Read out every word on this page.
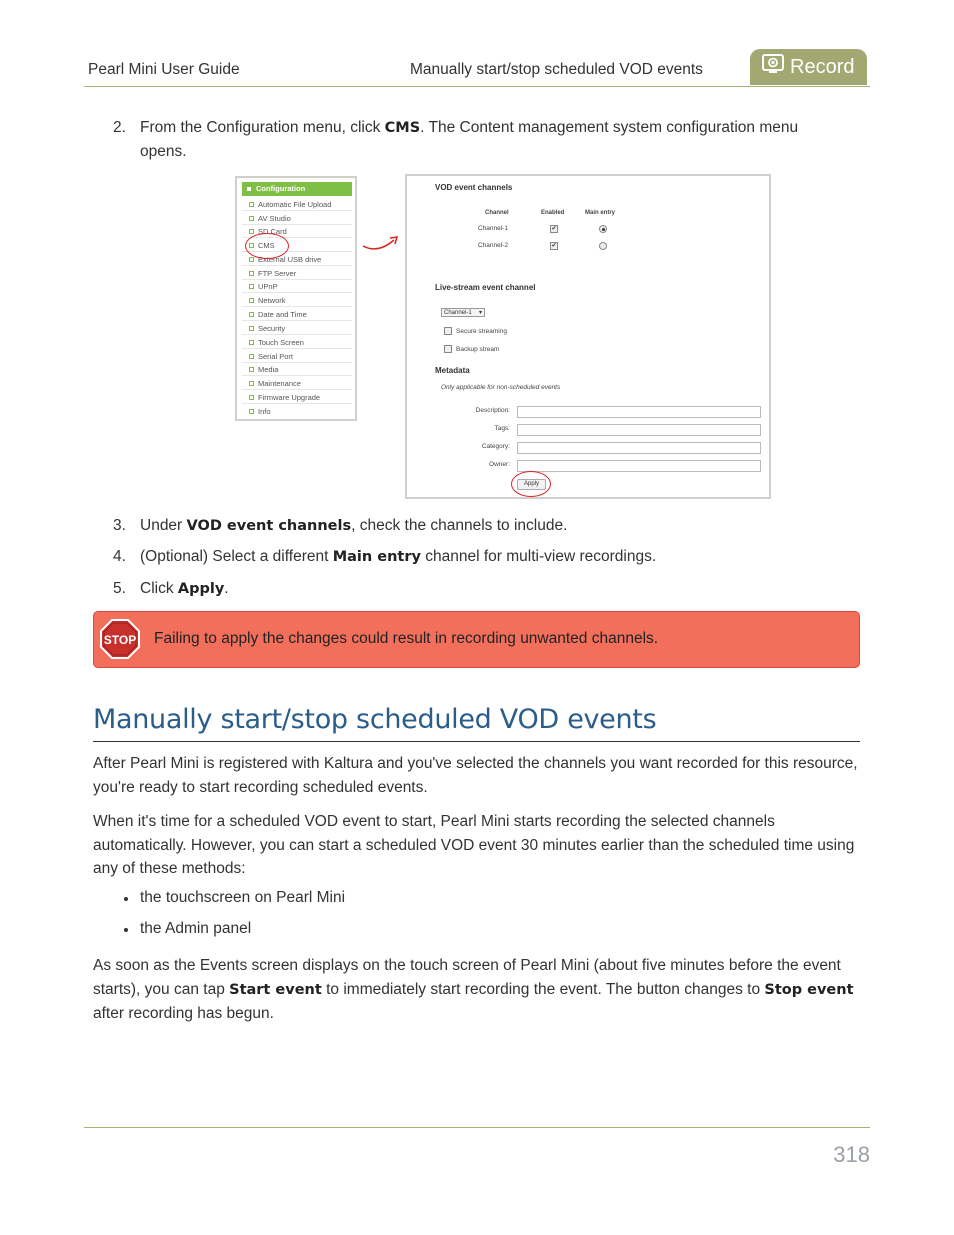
Pearl Mini User Guide	Manually start/stop scheduled VOD events	Record
2. From the Configuration menu, click CMS. The Content management system configuration menu
opens.
Configuration
Automatic File Upload
AV Studio
SD Card
CMS
External USB drive
FTP Server
UPnP
Network
Date and Time
Security
Touch Screen
Serial Port
Media
Maintenance
Firmware Upgrade
Info
VOD event channels
Channel	Enabled	Main entry
Channel-1	✔
Channel-2	✔
Live-stream event channel
Channel-1 ▾
Secure streaming
Backup stream
Metadata
Only applicable for non-scheduled events
Description:
Tags:
Category:
Owner:
Apply
3. Under VOD event channels, check the channels to include.
4. (Optional) Select a different Main entry channel for multi-view recordings.
5. Click Apply.
STOP Failing to apply the changes could result in recording unwanted channels.
Manually start/stop scheduled VOD events
After Pearl Mini is registered with Kaltura and you've selected the channels you want recorded for this resource, you're ready to start recording scheduled events.
When it's time for a scheduled VOD event to start, Pearl Mini starts recording the selected channels automatically. However, you can start a scheduled VOD event 30 minutes earlier than the scheduled time using any of these methods:
the touchscreen on Pearl Mini
the Admin panel
As soon as the Events screen displays on the touch screen of Pearl Mini (about five minutes before the event starts), you can tap Start event to immediately start recording the event. The button changes to Stop event after recording has begun.
318
